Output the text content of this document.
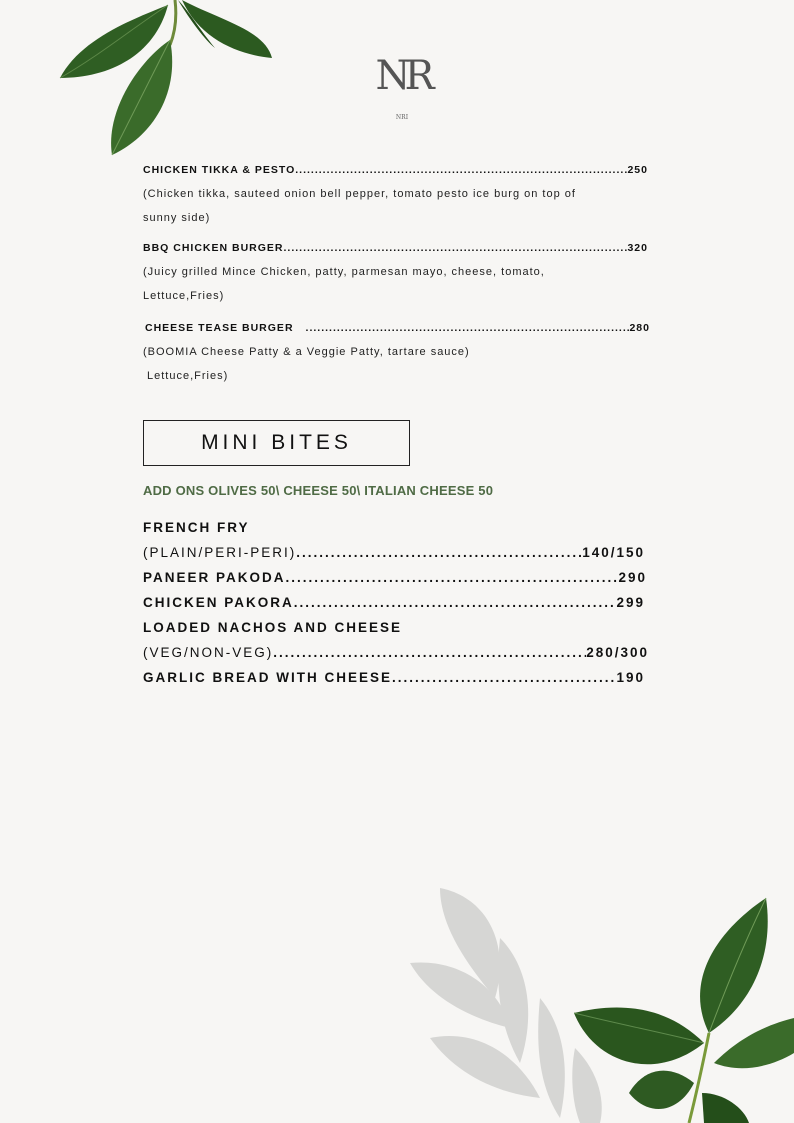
NR
NRI
CHICKEN TIKKA & PESTO .....	250
(Chicken tikka, sauteed onion bell pepper, tomato pesto ice burg on top of
sunny side)
BBQ CHICKEN BURGER .....	320
(Juicy grilled Mince Chicken, patty, parmesan mayo, cheese, tomato,
Lettuce,Fries)
CHEESE TEASE BURGER .....	280
(BOOMIA Cheese Patty & a Veggie Patty, tartare sauce)
Lettuce,Fries)
MINI BITES
ADD ONS OLIVES 50\ CHEESE 50\ ITALIAN CHEESE 50
FRENCH FRY
(PLAIN/PERI-PERI) .....	140/150
PANEER PAKODA .....	290
CHICKEN PAKORA .....	299
LOADED NACHOS AND CHEESE
(VEG/NON-VEG) .....	280/300
GARLIC BREAD WITH CHEESE .....	190
